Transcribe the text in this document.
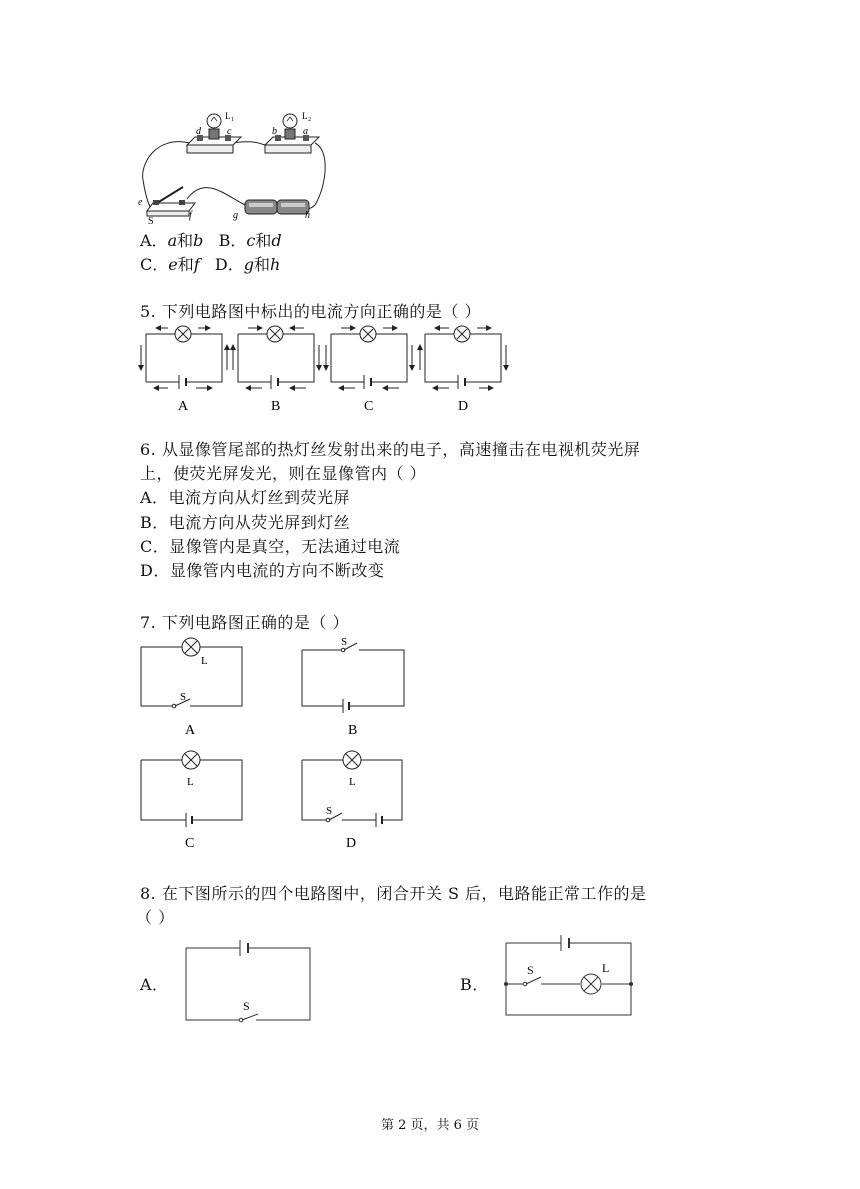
L 1	L 2
d	c	b	a
e
f
S
g	h
A．a和b B．c和d
C．e和f D．g和h
5. 下列电路图中标出的电流方向正确的是（ ）
A	B	C	D
6. 从显像管尾部的热灯丝发射出来的电子，高速撞击在电视机荧光屏
上，使荧光屏发光，则在显像管内（ ）
A．电流方向从灯丝到荧光屏
B．电流方向从荧光屏到灯丝
C．显像管内是真空，无法通过电流
D．显像管内电流的方向不断改变
7. 下列电路图正确的是（ ）
L
S
A
S
B
L
C
L
S
D
8. 在下图所示的四个电路图中，闭合开关 S 后，电路能正常工作的是
（ ）
A．
S
B．
S	L
第 2 页，共 6 页
